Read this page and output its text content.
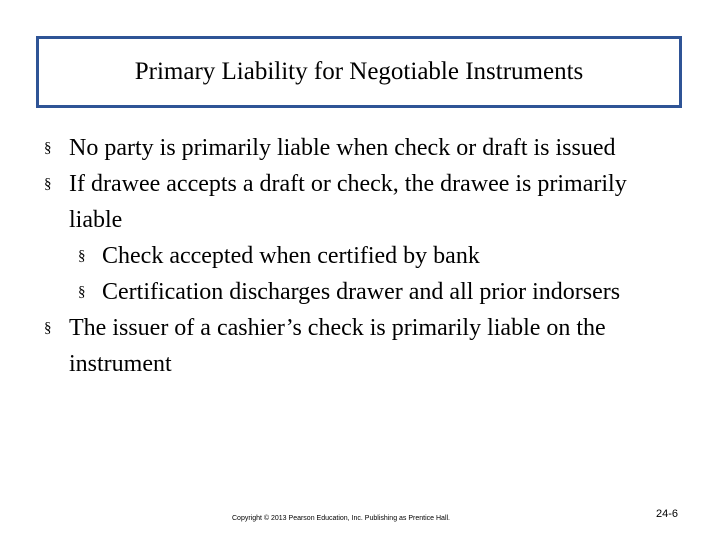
Primary Liability for Negotiable Instruments
§ No party is primarily liable when check or draft is issued
§ If drawee accepts a draft or check, the drawee is primarily liable
§ Check accepted when certified by bank
§ Certification discharges drawer and all prior indorsers
§ The issuer of a cashier’s check is primarily liable on the instrument
Copyright © 2013 Pearson Education, Inc. Publishing as Prentice Hall.	24-6
